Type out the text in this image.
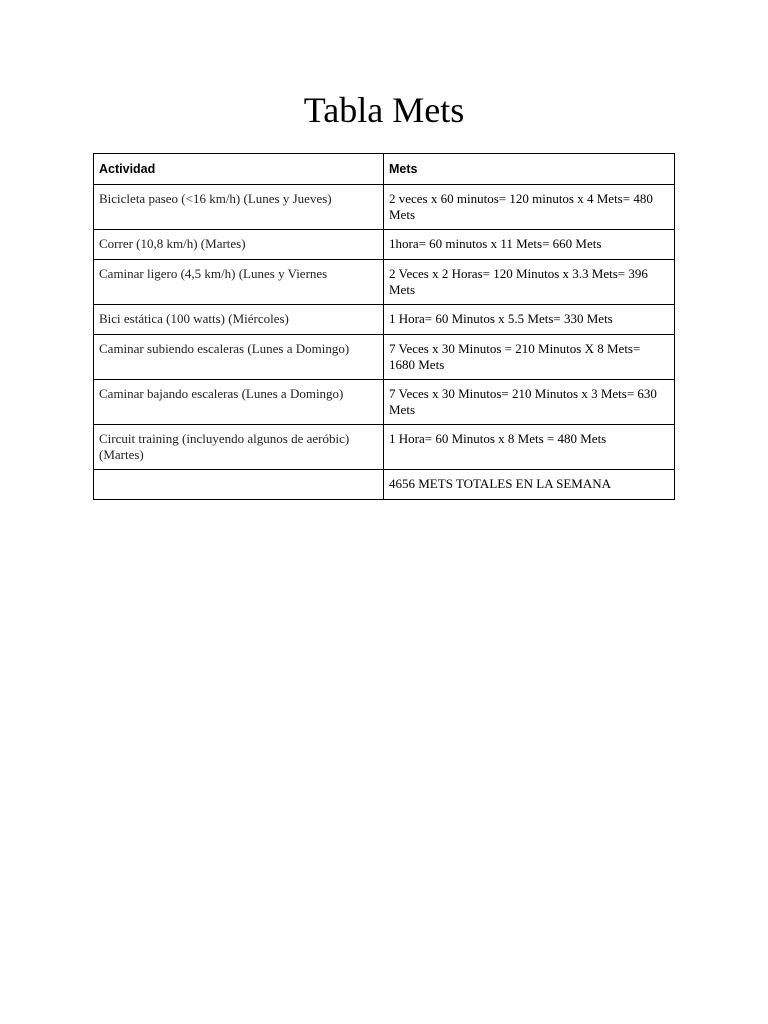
Tabla Mets
Actividad	Mets
Bicicleta paseo (<16 km/h) (Lunes y Jueves)	2 veces x 60 minutos= 120 minutos x 4 Mets= 480 Mets
Correr (10,8 km/h) (Martes)	1hora= 60 minutos x 11 Mets= 660 Mets
Caminar ligero (4,5 km/h) (Lunes y Viernes	2 Veces x 2 Horas= 120 Minutos x 3.3 Mets= 396 Mets
Bici estática (100 watts) (Miércoles)	1 Hora= 60 Minutos x 5.5 Mets= 330 Mets
Caminar subiendo escaleras (Lunes a Domingo)	7 Veces x 30 Minutos = 210 Minutos X 8 Mets= 1680 Mets
Caminar bajando escaleras (Lunes a Domingo)	7 Veces x 30 Minutos= 210 Minutos x 3 Mets= 630 Mets
Circuit training (incluyendo algunos de aeróbic) (Martes)	1 Hora= 60 Minutos x 8 Mets = 480 Mets
	4656 METS TOTALES EN LA SEMANA
